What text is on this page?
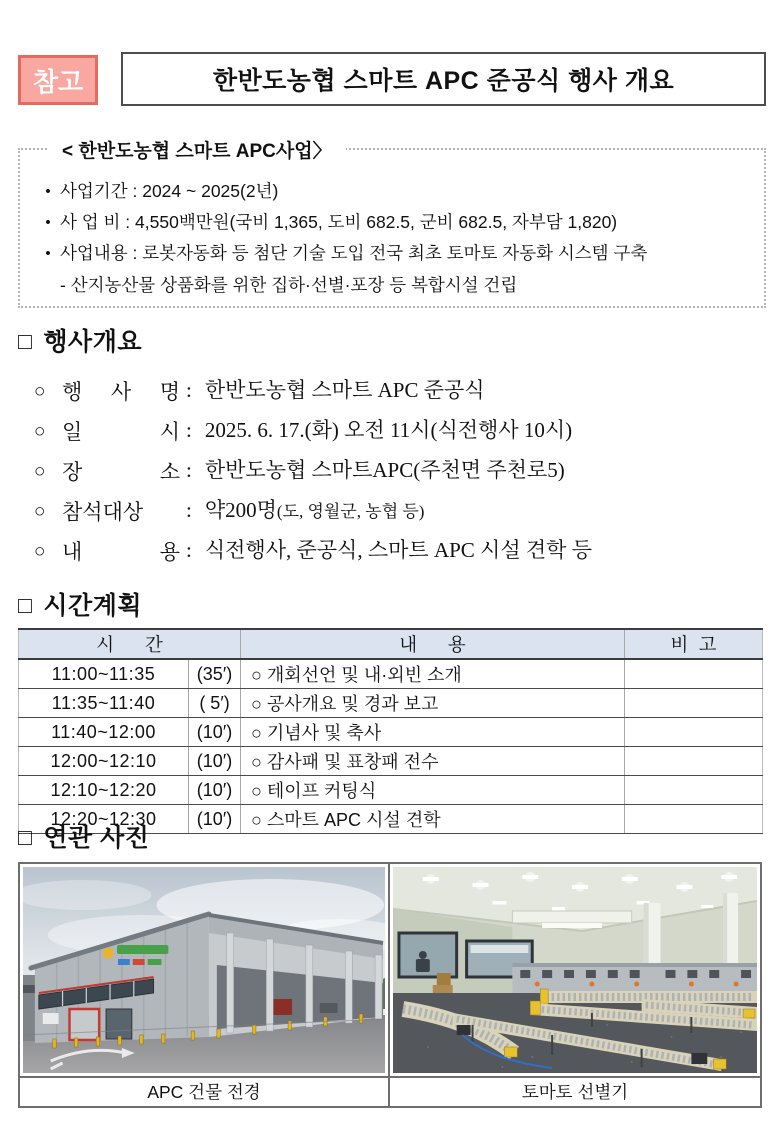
참고	한반도농협 스마트 APC 준공식 행사 개요
< 한반도농협 스마트 APC사업〉
• 사업기간 : 2024 ~ 2025(2년)
• 사 업 비 : 4,550백만원(국비 1,365, 도비 682.5, 군비 682.5, 자부담 1,820)
• 사업내용 : 로봇자동화 등 첨단 기술 도입 전국 최초 토마토 자동화 시스템 구축
- 산지농산물 상품화를 위한 집하·선별·포장 등 복합시설 건립
□ 행사개요
○ 행 사 명 : 한반도농협 스마트 APC 준공식
○ 일 시 : 2025. 6. 17.(화) 오전 11시(식전행사 10시)
○ 장 소 : 한반도농협 스마트APC(주천면 주천로5)
○ 참석대상 : 약200명(도, 영월군, 농협 등)
○ 내 용 : 식전행사, 준공식, 스마트 APC 시설 견학 등
□ 시간계획
시      간		내      용	비  고
11:00~11:35	(35′)	○ 개회선언 및 내·외빈 소개	
11:35~11:40	( 5′)	○ 공사개요 및 경과 보고	
11:40~12:00	(10′)	○ 기념사 및 축사	
12:00~12:10	(10′)	○ 감사패 및 표창패 전수	
12:10~12:20	(10′)	○ 테이프 커팅식	
12:20~12:30	(10′)	○ 스마트 APC 시설 견학	
□ 연관 사진
APC 건물 전경	토마토 선별기
